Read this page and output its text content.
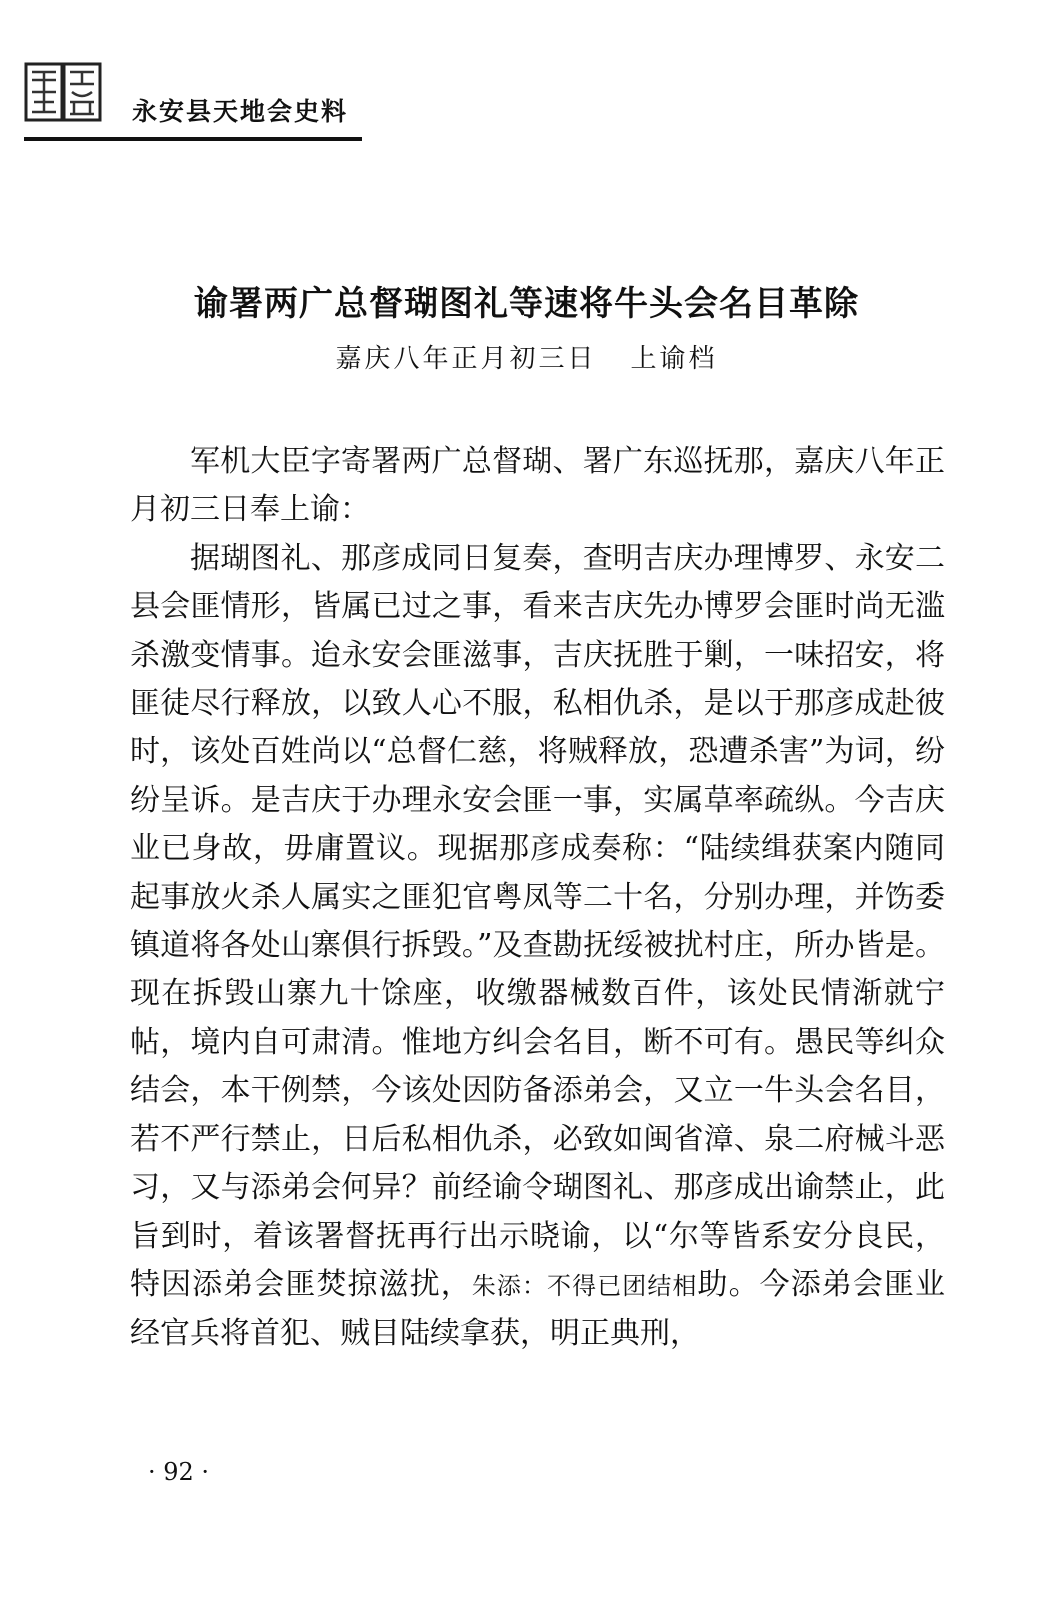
永安县天地会史料
谕署两广总督瑚图礼等速将牛头会名目革除
嘉庆八年正月初三日 上谕档

军机大臣字寄署两广总督瑚、署广东巡抚那，嘉庆八年正月初三日奉上谕：

据瑚图礼、那彦成同日复奏，查明吉庆办理博罗、永安二县会匪情形，皆属已过之事，看来吉庆先办博罗会匪时尚无滥杀激变情事。迨永安会匪滋事，吉庆抚胜于剿，一味招安，将匪徒尽行释放，以致人心不服，私相仇杀，是以于那彦成赴彼时，该处百姓尚以“总督仁慈，将贼释放，恐遭杀害”为词，纷纷呈诉。是吉庆于办理永安会匪一事，实属草率疏纵。今吉庆业已身故，毋庸置议。现据那彦成奏称：“陆续缉获案内随同起事放火杀人属实之匪犯官粤凤等二十名，分别办理，并饬委镇道将各处山寨俱行拆毁。”及查勘抚绥被扰村庄，所办皆是。现在拆毁山寨九十馀座，收缴器械数百件，该处民情渐就宁帖，境内自可肃清。惟地方纠会名目，断不可有。愚民等纠众结会，本干例禁，今该处因防备添弟会，又立一牛头会名目，若不严行禁止，日后私相仇杀，必致如闽省漳、泉二府械斗恶习，又与添弟会何异？前经谕令瑚图礼、那彦成出谕禁止，此旨到时，着该署督抚再行出示晓谕，以“尔等皆系安分良民，特因添弟会匪焚掠滋扰，朱添：不得已团结相助。今添弟会匪业经官兵将首犯、贼目陆续拿获，明正典刑，

· 92 ·
